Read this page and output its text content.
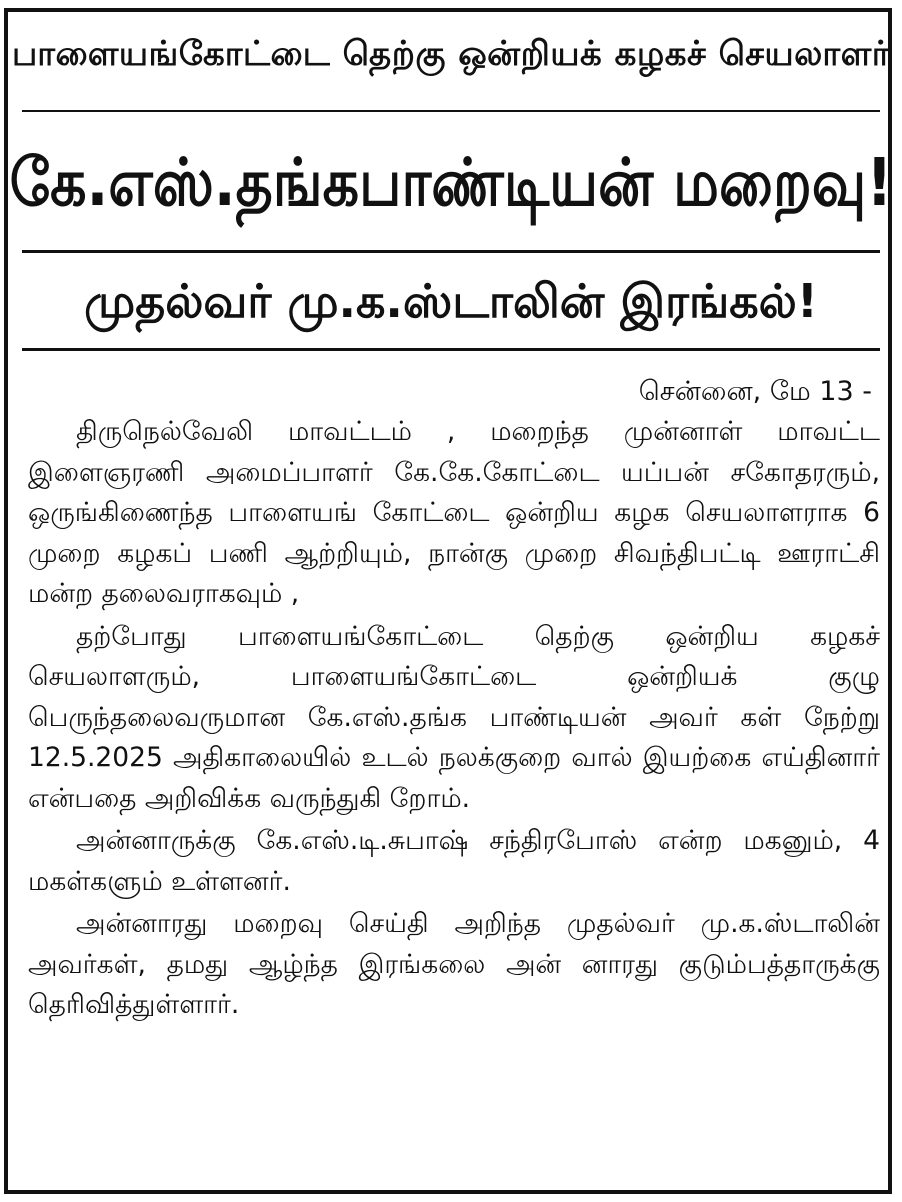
பாளையங்கோட்டை தெற்கு ஒன்றியக் கழகச் செயலாளர்
கே.எஸ்.தங்கபாண்டியன் மறைவு!
முதல்வர் மு.க.ஸ்டாலின் இரங்கல்!
சென்னை, மே 13 -

திருநெல்வேலி மாவட்டம் , மறைந்த முன்னாள் மாவட்ட இளைஞரணி அமைப்பாளர் கே.கே.கோட்டை யப்பன் சகோதரரும், ஒருங்கிணைந்த பாளையங் கோட்டை ஒன்றிய கழக செயலாளராக 6 முறை கழகப் பணி ஆற்றியும், நான்கு முறை சிவந்திபட்டி ஊராட்சி மன்ற தலைவராகவும் ,

தற்போது பாளையங்கோட்டை தெற்கு ஒன்றிய கழகச் செயலாளரும், பாளையங்கோட்டை ஒன்றியக் குழு பெருந்தலைவருமான கே.எஸ்.தங்க பாண்டியன் அவர் கள் நேற்று 12.5.2025 அதிகாலையில் உடல் நலக்குறை வால் இயற்கை எய்தினார் என்பதை அறிவிக்க வருந்துகி றோம்.

அன்னாருக்கு கே.எஸ்.டி.சுபாஷ் சந்திரபோஸ் என்ற மகனும், 4 மகள்களும் உள்ளனர்.

அன்னாரது மறைவு செய்தி அறிந்த முதல்வர் மு.க.ஸ்டாலின் அவர்கள், தமது ஆழ்ந்த இரங்கலை அன் னாரது குடும்பத்தாருக்கு தெரிவித்துள்ளார்.
